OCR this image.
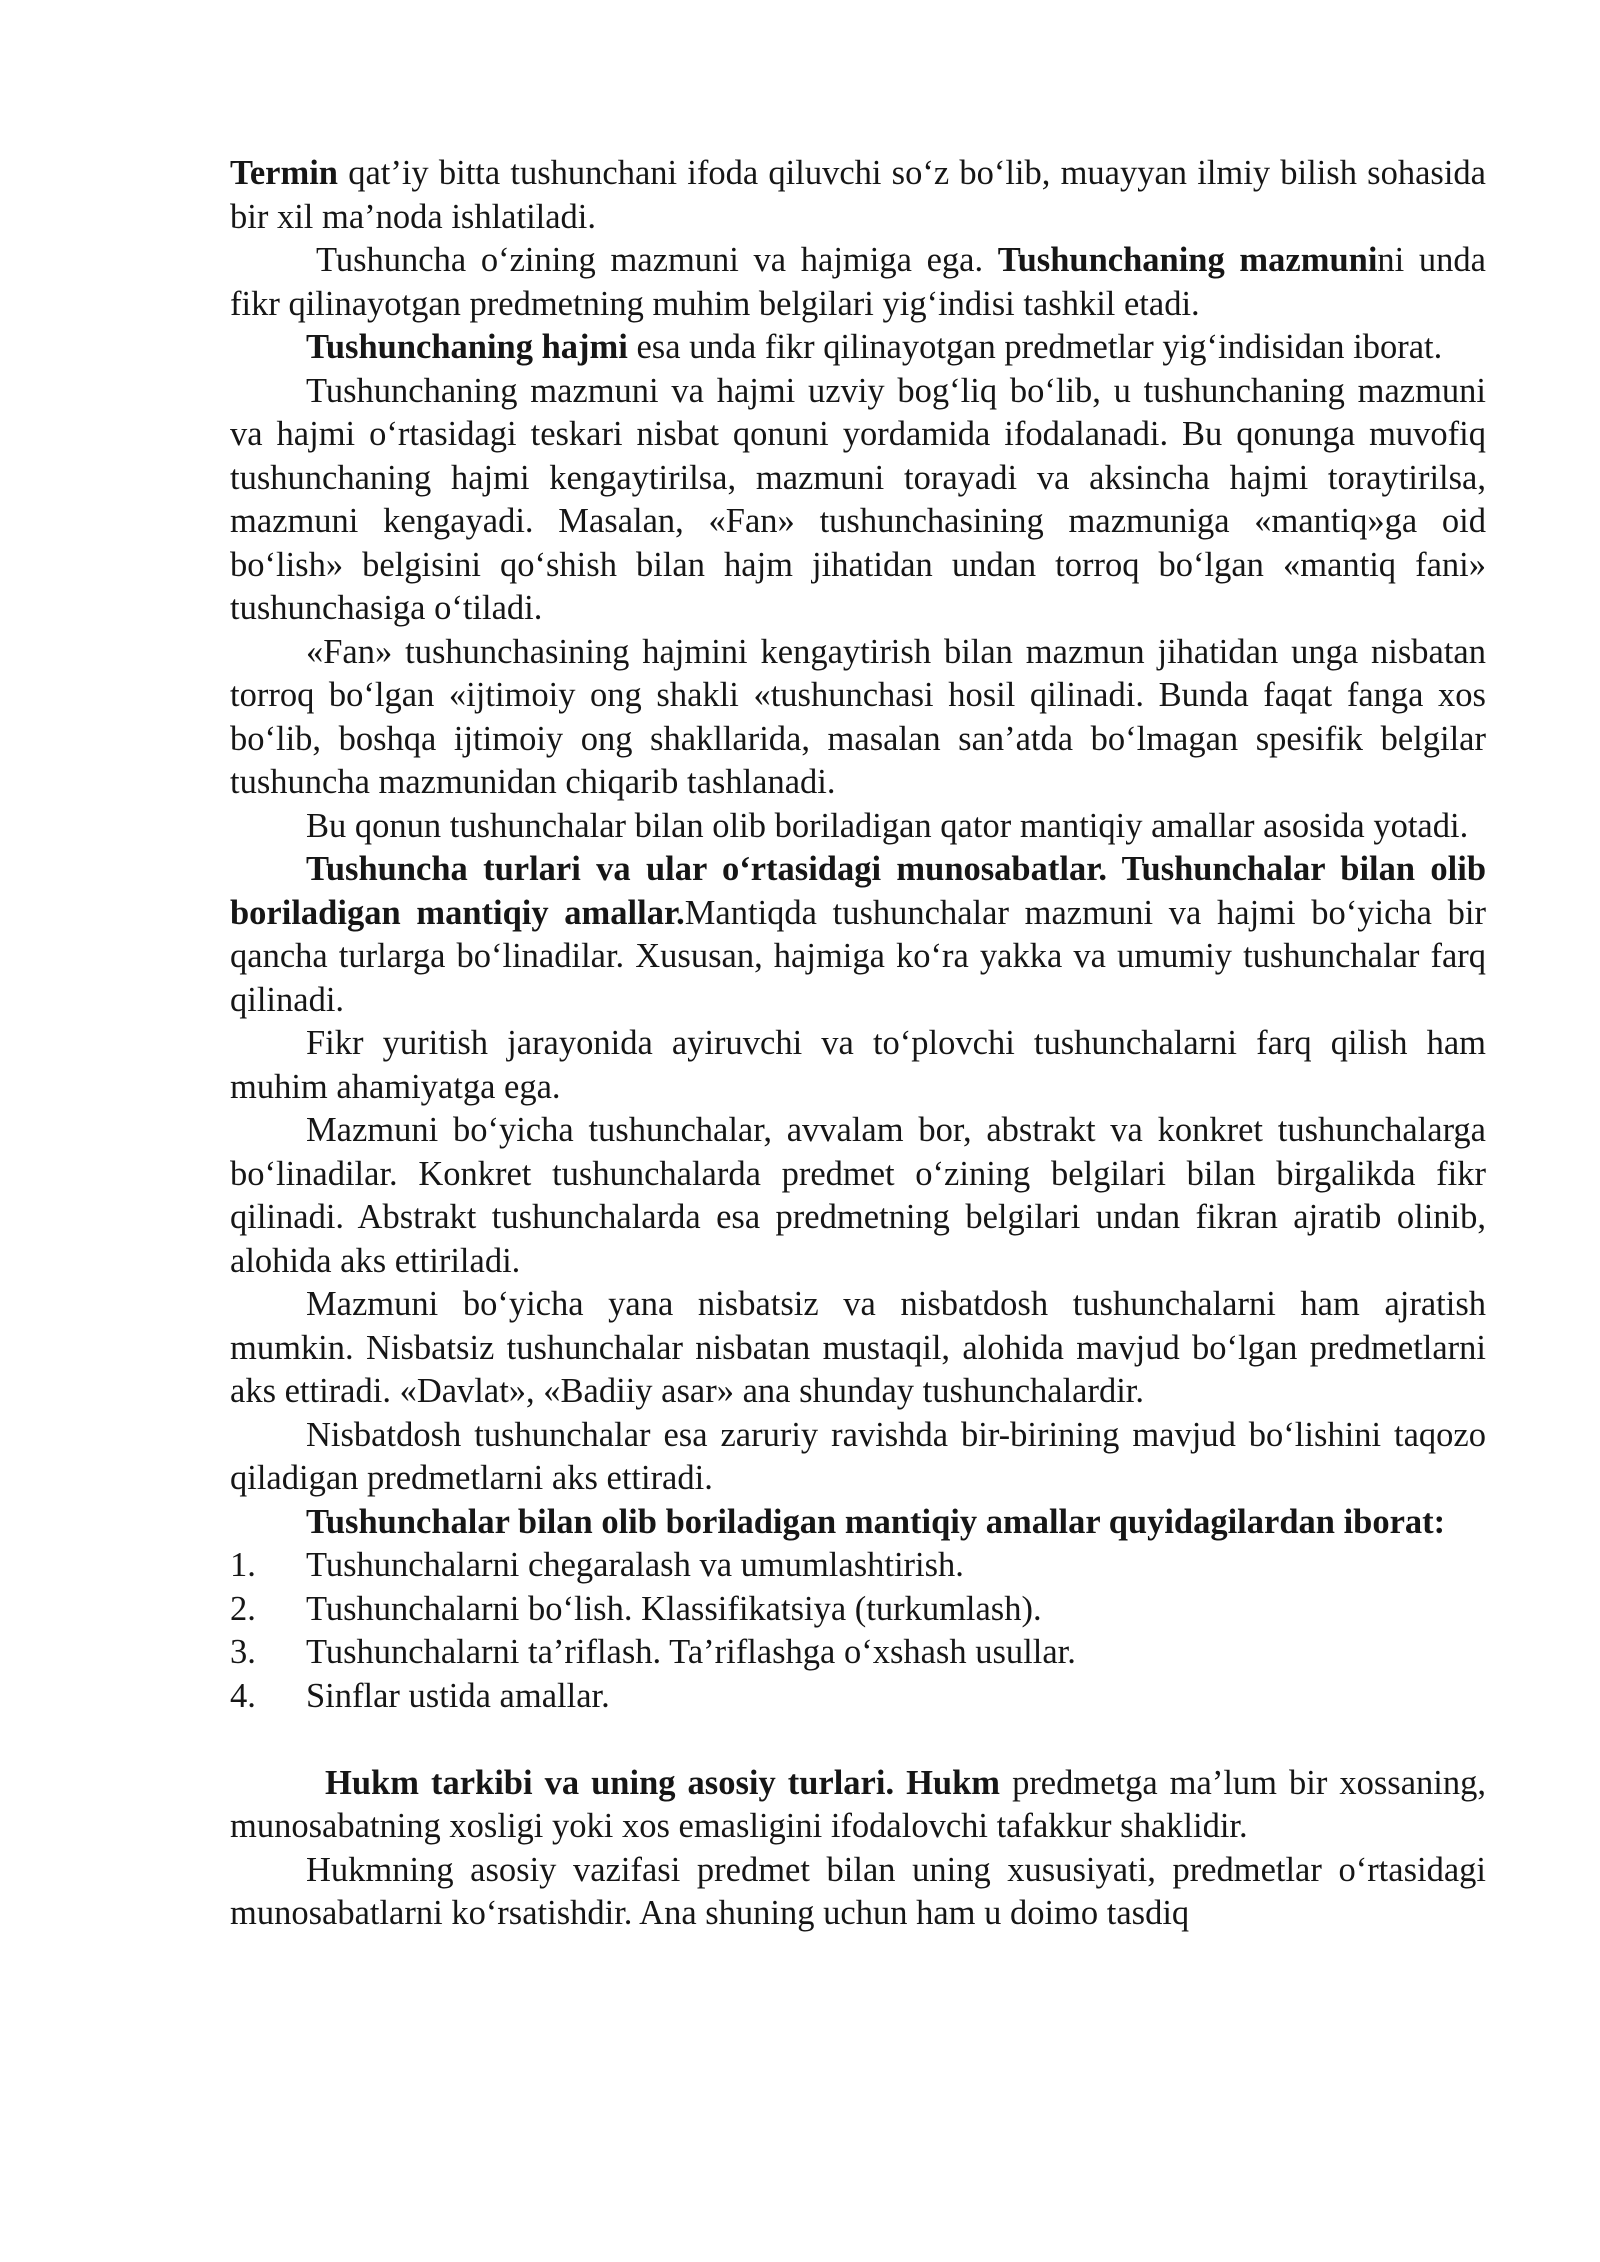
Termin qat’iy bitta tushunchani ifoda qiluvchi so‘z bo‘lib, muayyan ilmiy bilish sohasida bir xil ma’noda ishlatiladi.

Tushuncha o‘zining mazmuni va hajmiga ega. Tushunchaning mazmunini unda fikr qilinayotgan predmetning muhim belgilari yig‘indisi tashkil etadi.

Tushunchaning hajmi esa unda fikr qilinayotgan predmetlar yig‘indisidan iborat.

Tushunchaning mazmuni va hajmi uzviy bog‘liq bo‘lib, u tushunchaning mazmuni va hajmi o‘rtasidagi teskari nisbat qonuni yordamida ifodalanadi. Bu qonunga muvofiq tushunchaning hajmi kengaytirilsa, mazmuni torayadi va aksincha hajmi toraytirilsa, mazmuni kengayadi. Masalan, «Fan» tushunchasining mazmuniga «mantiq»ga oid bo‘lish» belgisini qo‘shish bilan hajm jihatidan undan torroq bo‘lgan «mantiq fani» tushunchasiga o‘tiladi.

«Fan» tushunchasining hajmini kengaytirish bilan mazmun jihatidan unga nisbatan torroq bo‘lgan «ijtimoiy ong shakli «tushunchasi hosil qilinadi. Bunda faqat fanga xos bo‘lib, boshqa ijtimoiy ong shakllarida, masalan san’atda bo‘lmagan spesifik belgilar tushuncha mazmunidan chiqarib tashlanadi.

Bu qonun tushunchalar bilan olib boriladigan qator mantiqiy amallar asosida yotadi.

Tushuncha turlari va ular o‘rtasidagi munosabatlar. Tushunchalar bilan olib boriladigan mantiqiy amallar.Mantiqda tushunchalar mazmuni va hajmi bo‘yicha bir qancha turlarga bo‘linadilar. Xususan, hajmiga ko‘ra yakka va umumiy tushunchalar farq qilinadi.

Fikr yuritish jarayonida ayiruvchi va to‘plovchi tushunchalarni farq qilish ham muhim ahamiyatga ega.

Mazmuni bo‘yicha tushunchalar, avvalam bor, abstrakt va konkret tushunchalarga bo‘linadilar. Konkret tushunchalarda predmet o‘zining belgilari bilan birgalikda fikr qilinadi. Abstrakt tushunchalarda esa predmetning belgilari undan fikran ajratib olinib, alohida aks ettiriladi.

Mazmuni bo‘yicha yana nisbatsiz va nisbatdosh tushunchalarni ham ajratish mumkin. Nisbatsiz tushunchalar nisbatan mustaqil, alohida mavjud bo‘lgan predmetlarni aks ettiradi. «Davlat», «Badiiy asar» ana shunday tushunchalardir.

Nisbatdosh tushunchalar esa zaruriy ravishda bir-birining mavjud bo‘lishini taqozo qiladigan predmetlarni aks ettiradi.

Tushunchalar bilan olib boriladigan mantiqiy amallar quyidagilardan iborat:

1.	Tushunchalarni chegaralash va umumlashtirish.
2.	Tushunchalarni bo‘lish. Klassifikatsiya (turkumlash).
3.	Tushunchalarni ta’riflash. Ta’riflashga o‘xshash usullar.
4.	Sinflar ustida amallar.

Hukm tarkibi va uning asosiy turlari. Hukm predmetga ma’lum bir xossaning, munosabatning xosligi yoki xos emasligini ifodalovchi tafakkur shaklidir.

Hukmning asosiy vazifasi predmet bilan uning xususiyati, predmetlar o‘rtasidagi munosabatlarni ko‘rsatishdir. Ana shuning uchun ham u doimo tasdiq
